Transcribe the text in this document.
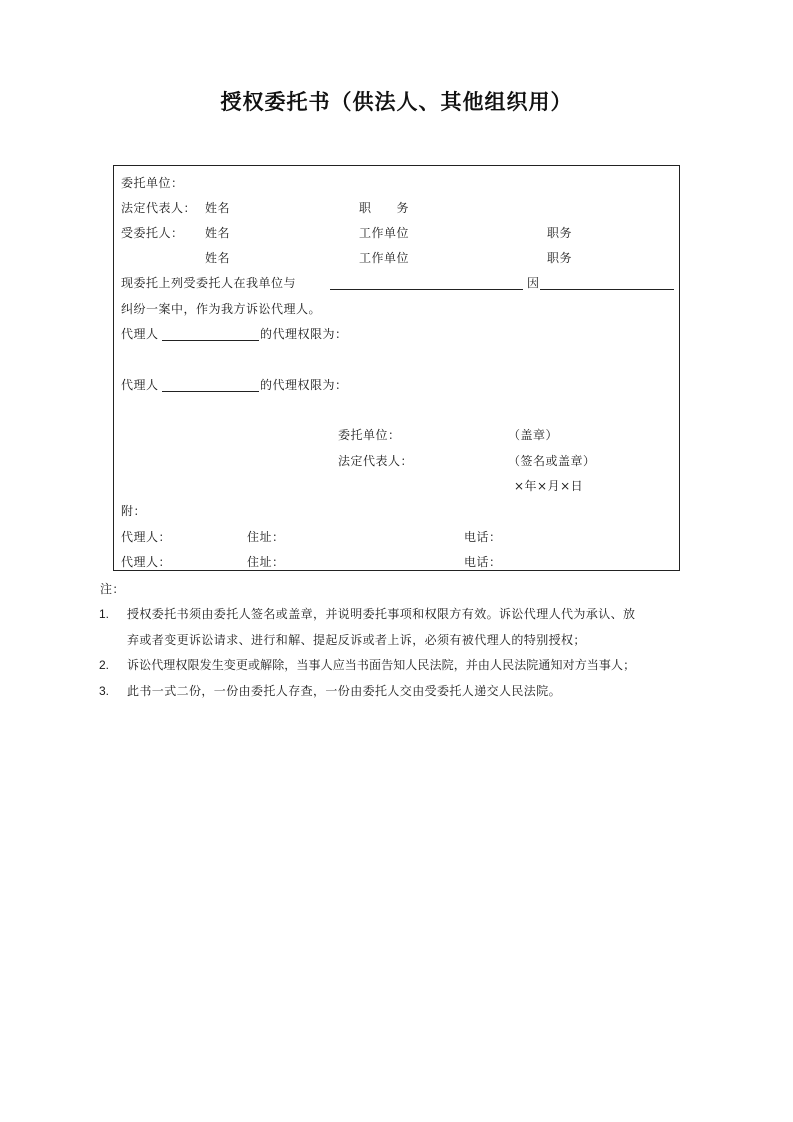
授权委托书（供法人、其他组织用）
委托单位：
法定代表人： 姓名	职　　务
受委托人： 姓名	工作单位	职务
姓名	工作单位	职务
现委托上列受委托人在我单位与	因
纠纷一案中，作为我方诉讼代理人。
代理人	的代理权限为：
代理人	的代理权限为：
委托单位：	（盖章）
法定代表人：	（签名或盖章）
×年×月×日
附：
代理人：	住址：	电话：
代理人：	住址：	电话：
注：
1. 授权委托书须由委托人签名或盖章，并说明委托事项和权限方有效。诉讼代理人代为承认、放
弃或者变更诉讼请求、进行和解、提起反诉或者上诉，必须有被代理人的特别授权；
2. 诉讼代理权限发生变更或解除，当事人应当书面告知人民法院，并由人民法院通知对方当事人；
3. 此书一式二份，一份由委托人存查，一份由委托人交由受委托人递交人民法院。
